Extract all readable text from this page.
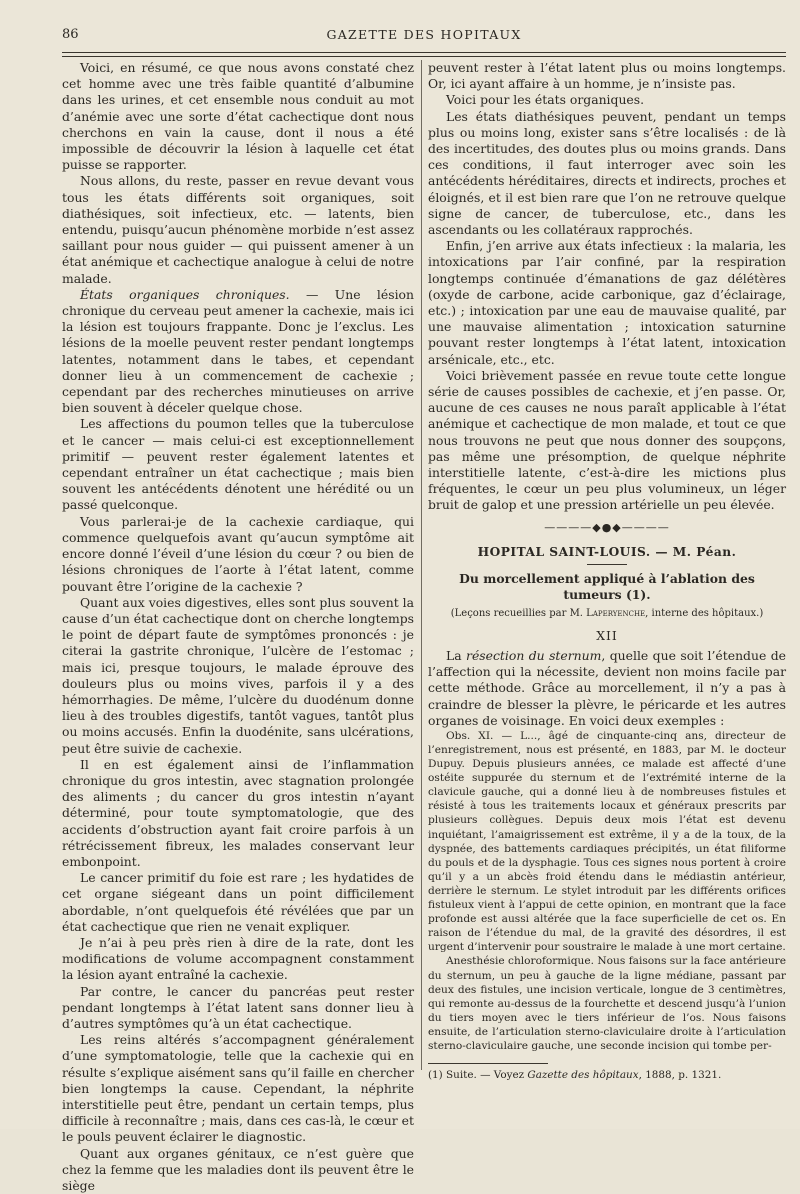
86	GAZETTE DES HOPITAUX

Voici, en résumé, ce que nous avons constaté chez cet homme avec une très faible quantité d’albumine dans les urines, et cet ensemble nous conduit au mot d’anémie avec une sorte d’état cachectique dont nous cherchons en vain la cause, dont il nous a été impossible de découvrir la lésion à laquelle cet état puisse se rapporter.

Nous allons, du reste, passer en revue devant vous tous les états différents soit organiques, soit diathésiques, soit infectieux, etc. — latents, bien entendu, puisqu’aucun phénomène morbide n’est assez saillant pour nous guider — qui puissent amener à un état anémique et cachectique analogue à celui de notre malade.

États organiques chroniques. — Une lésion chronique du cerveau peut amener la cachexie, mais ici la lésion est toujours frappante. Donc je l’exclus. Les lésions de la moelle peuvent rester pendant longtemps latentes, notamment dans le tabes, et cependant donner lieu à un commencement de cachexie ; cependant par des recherches minutieuses on arrive bien souvent à déceler quelque chose.

Les affections du poumon telles que la tuberculose et le cancer — mais celui-ci est exceptionnellement primitif — peuvent rester également latentes et cependant entraîner un état cachectique ; mais bien souvent les antécédents dénotent une hérédité ou un passé quelconque.

Vous parlerai-je de la cachexie cardiaque, qui commence quelquefois avant qu’aucun symptôme ait encore donné l’éveil d’une lésion du cœur ? ou bien de lésions chroniques de l’aorte à l’état latent, comme pouvant être l’origine de la cachexie ?

Quant aux voies digestives, elles sont plus souvent la cause d’un état cachectique dont on cherche longtemps le point de départ faute de symptômes prononcés : je citerai la gastrite chronique, l’ulcère de l’estomac ; mais ici, presque toujours, le malade éprouve des douleurs plus ou moins vives, parfois il y a des hémorrhagies. De même, l’ulcère du duodénum donne lieu à des troubles digestifs, tantôt vagues, tantôt plus ou moins accusés. Enfin la duodénite, sans ulcérations, peut être suivie de cachexie.

Il en est également ainsi de l’inflammation chronique du gros intestin, avec stagnation prolongée des aliments ; du cancer du gros intestin n’ayant déterminé, pour toute symptomatologie, que des accidents d’obstruction ayant fait croire parfois à un rétrécissement fibreux, les malades conservant leur embonpoint.

Le cancer primitif du foie est rare ; les hydatides de cet organe siégeant dans un point difficilement abordable, n’ont quelquefois été révélées que par un état cachectique que rien ne venait expliquer.

Je n’ai à peu près rien à dire de la rate, dont les modifications de volume accompagnent constamment la lésion ayant entraîné la cachexie.

Par contre, le cancer du pancréas peut rester pendant longtemps à l’état latent sans donner lieu à d’autres symptômes qu’à un état cachectique.

Les reins altérés s’accompagnent généralement d’une symptomatologie, telle que la cachexie qui en résulte s’explique aisément sans qu’il faille en chercher bien longtemps la cause. Cependant, la néphrite interstitielle peut être, pendant un certain temps, plus difficile à reconnaître ; mais, dans ces cas-là, le cœur et le pouls peuvent éclairer le diagnostic.

Quant aux organes génitaux, ce n’est guère que chez la femme que les maladies dont ils peuvent être le siège

peuvent rester à l’état latent plus ou moins longtemps. Or, ici ayant affaire à un homme, je n’insiste pas.

Voici pour les états organiques.

Les états diathésiques peuvent, pendant un temps plus ou moins long, exister sans s’être localisés : de là des incertitudes, des doutes plus ou moins grands. Dans ces conditions, il faut interroger avec soin les antécédents héréditaires, directs et indirects, proches et éloignés, et il est bien rare que l’on ne retrouve quelque signe de cancer, de tuberculose, etc., dans les ascendants ou les collatéraux rapprochés.

Enfin, j’en arrive aux états infectieux : la malaria, les intoxications par l’air confiné, par la respiration longtemps continuée d’émanations de gaz délétères (oxyde de carbone, acide carbonique, gaz d’éclairage, etc.) ; intoxication par une eau de mauvaise qualité, par une mauvaise alimentation ; intoxication saturnine pouvant rester longtemps à l’état latent, intoxication arsénicale, etc., etc.

Voici brièvement passée en revue toute cette longue série de causes possibles de cachexie, et j’en passe. Or, aucune de ces causes ne nous paraît applicable à l’état anémique et cachectique de mon malade, et tout ce que nous trouvons ne peut que nous donner des soupçons, pas même une présomption, de quelque néphrite interstitielle latente, c’est-à-dire les mictions plus fréquentes, le cœur un peu plus volumineux, un léger bruit de galop et une pression artérielle un peu élevée.

————◆●◆————
HOPITAL SAINT-LOUIS. — M. Péan.
Du morcellement appliqué à l’ablation des tumeurs (1).
(Leçons recueillies par M. Laperyenche, interne des hôpitaux.)
XII

La résection du sternum, quelle que soit l’étendue de l’affection qui la nécessite, devient non moins facile par cette méthode. Grâce au morcellement, il n’y a pas à craindre de blesser la plèvre, le péricarde et les autres organes de voisinage. En voici deux exemples :

Obs. XI. — L..., âgé de cinquante-cinq ans, directeur de l’enregistrement, nous est présenté, en 1883, par M. le docteur Dupuy. Depuis plusieurs années, ce malade est affecté d’une ostéite suppurée du sternum et de l’extrémité interne de la clavicule gauche, qui a donné lieu à de nombreuses fistules et résisté à tous les traitements locaux et généraux prescrits par plusieurs collègues. Depuis deux mois l’état est devenu inquiétant, l’amaigrissement est extrême, il y a de la toux, de la dyspnée, des battements cardiaques précipités, un état filiforme du pouls et de la dysphagie. Tous ces signes nous portent à croire qu’il y a un abcès froid étendu dans le médiastin antérieur, derrière le sternum. Le stylet introduit par les différents orifices fistuleux vient à l’appui de cette opinion, en montrant que la face profonde est aussi altérée que la face superficielle de cet os. En raison de l’étendue du mal, de la gravité des désordres, il est urgent d’intervenir pour soustraire le malade à une mort certaine.

Anesthésie chloroformique. Nous faisons sur la face antérieure du sternum, un peu à gauche de la ligne médiane, passant par deux des fistules, une incision verticale, longue de 3 centimètres, qui remonte au-dessus de la fourchette et descend jusqu’à l’union du tiers moyen avec le tiers inférieur de l’os. Nous faisons ensuite, de l’articulation sterno-claviculaire droite à l’articulation sterno-claviculaire gauche, une seconde incision qui tombe per-

(1) Suite. — Voyez Gazette des hôpitaux, 1888, p. 1321.
